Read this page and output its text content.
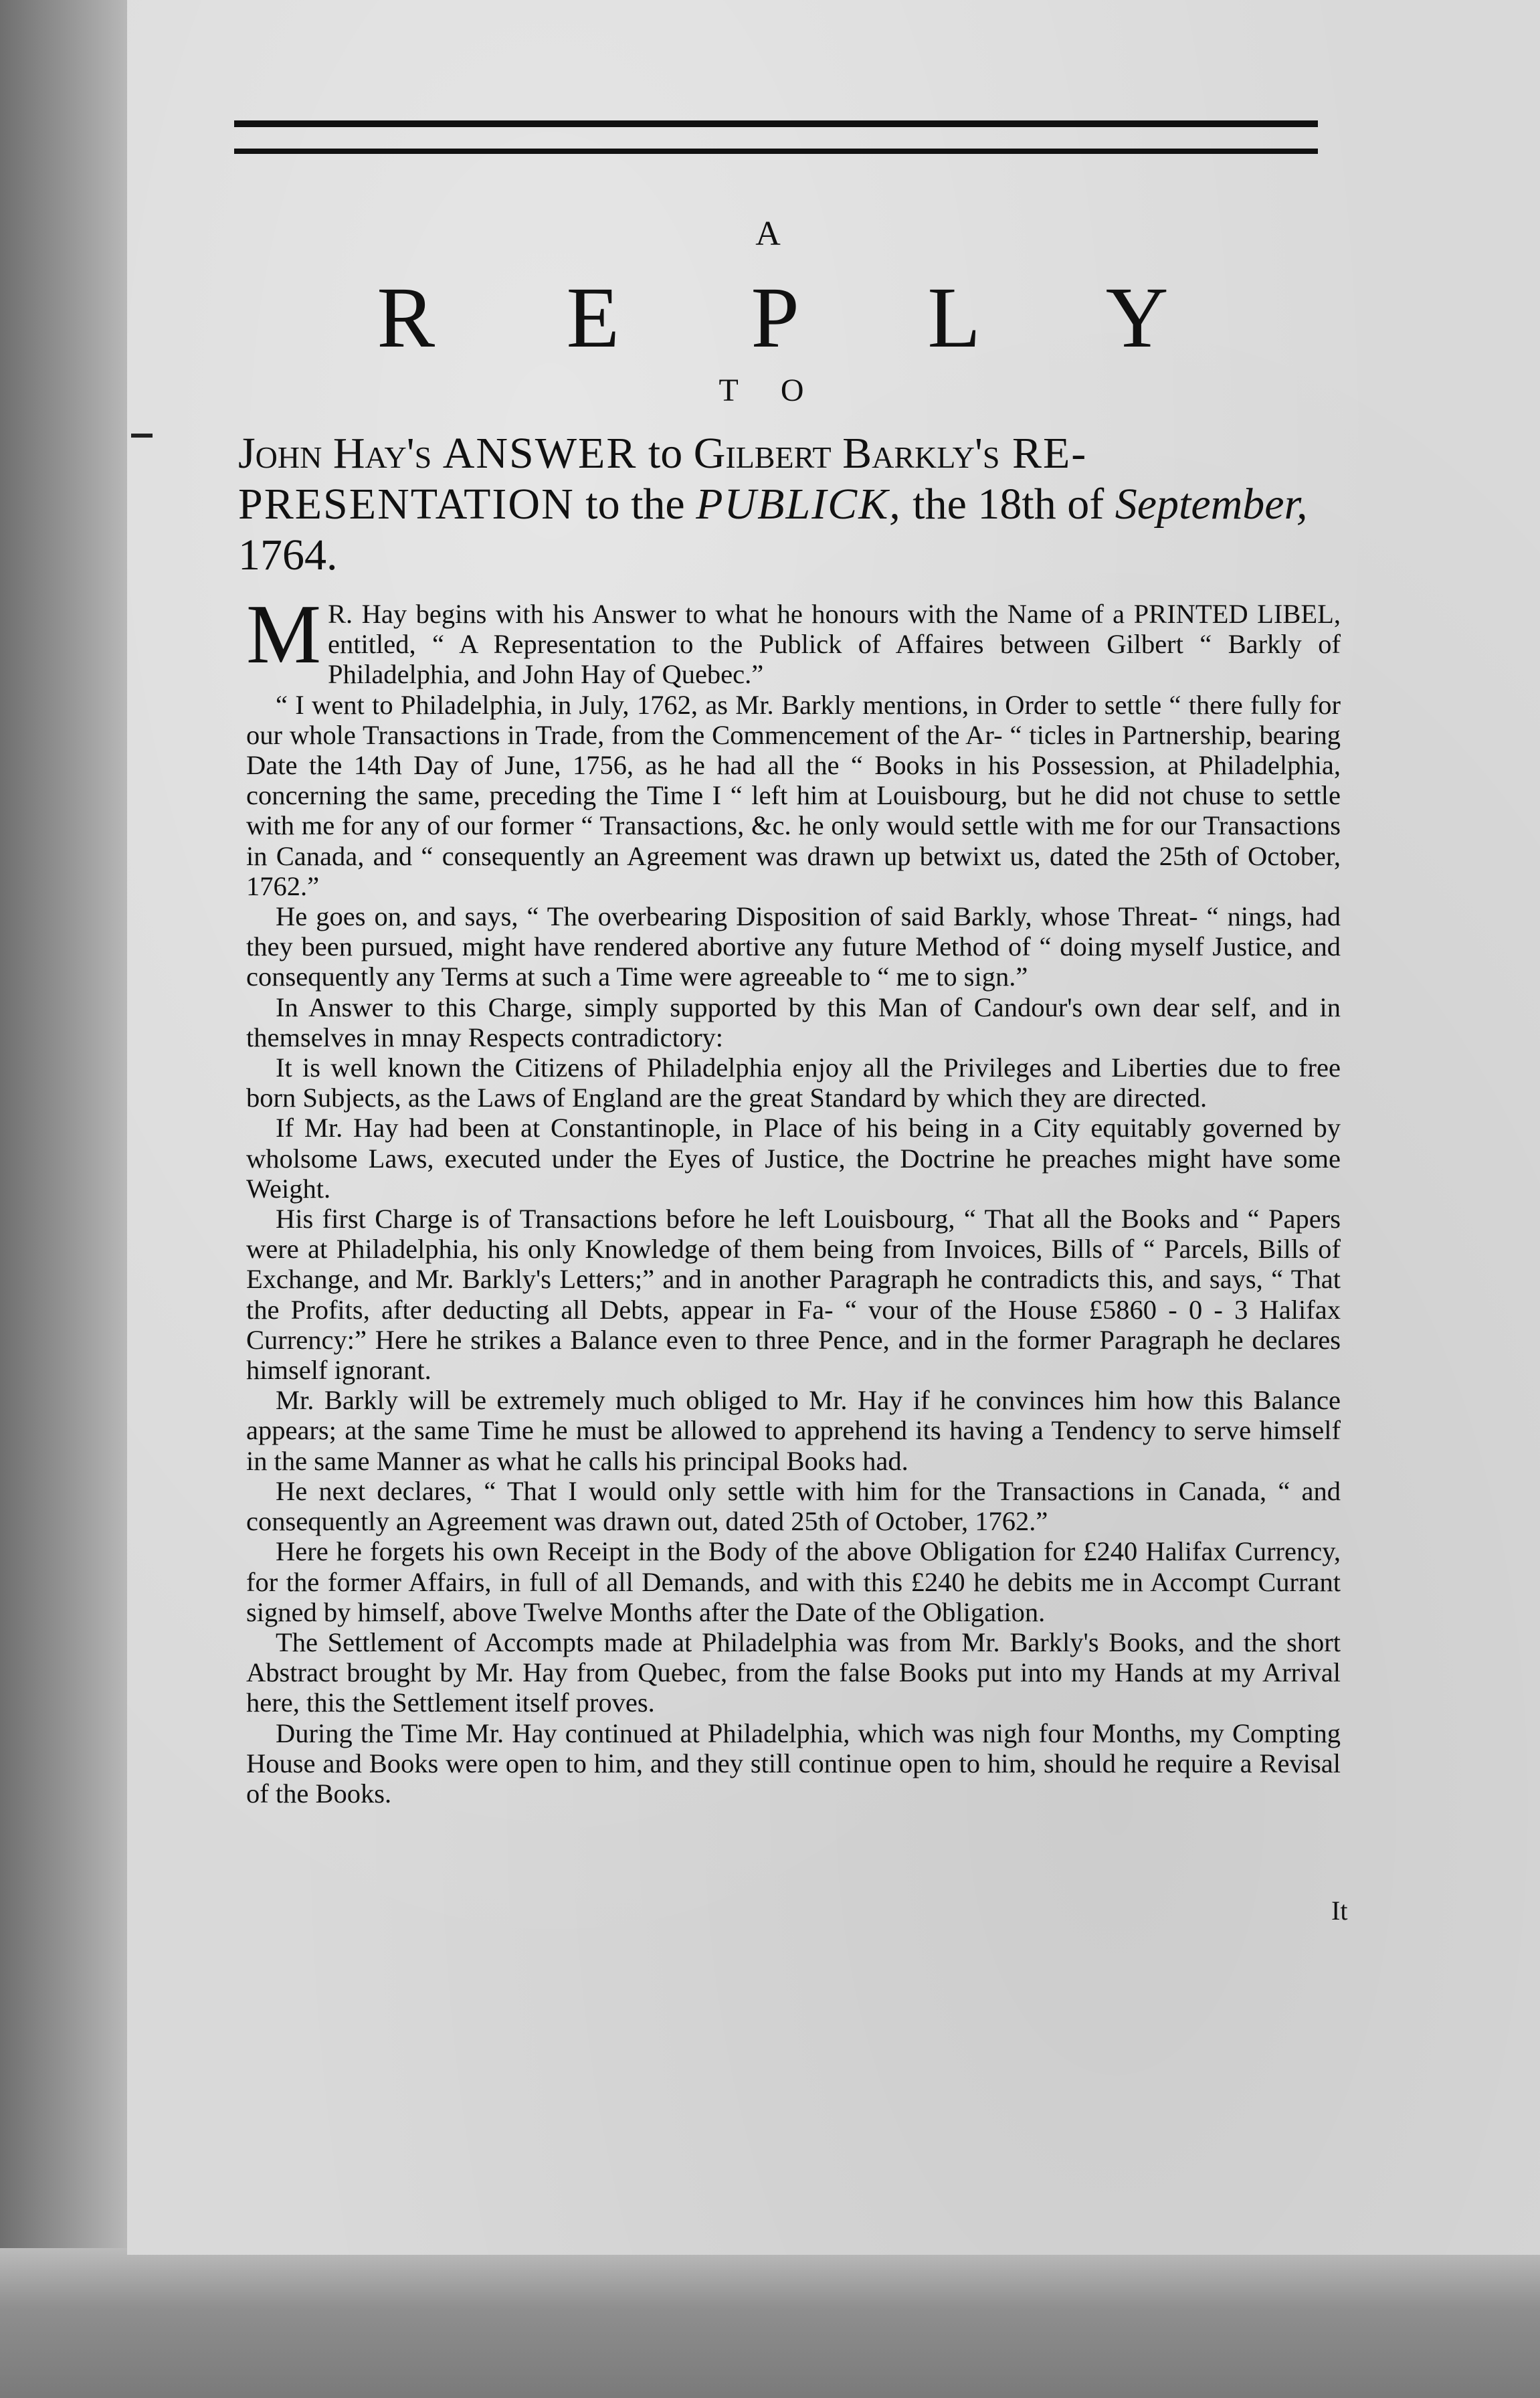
A
R E P L Y
T O
John Hay's ANSWER to Gilbert Barkly's RE-PRESENTATION to the PUBLICK, the 18th of September, 1764.

M R. Hay begins with his Answer to what he honours with the Name of a PRINTED LIBEL, entitled, “ A Representation to the Publick of Affaires between Gilbert “ Barkly of Philadelphia, and John Hay of Quebec.”

“ I went to Philadelphia, in July, 1762, as Mr. Barkly mentions, in Order to settle “ there fully for our whole Transactions in Trade, from the Commencement of the Ar- “ ticles in Partnership, bearing Date the 14th Day of June, 1756, as he had all the “ Books in his Possession, at Philadelphia, concerning the same, preceding the Time I “ left him at Louisbourg, but he did not chuse to settle with me for any of our former “ Transactions, &c. he only would settle with me for our Transactions in Canada, and “ consequently an Agreement was drawn up betwixt us, dated the 25th of October, 1762.”

He goes on, and says, “ The overbearing Disposition of said Barkly, whose Threat- “ nings, had they been pursued, might have rendered abortive any future Method of “ doing myself Justice, and consequently any Terms at such a Time were agreeable to “ me to sign.”

In Answer to this Charge, simply supported by this Man of Candour's own dear self, and in themselves in mnay Respects contradictory:

It is well known the Citizens of Philadelphia enjoy all the Privileges and Liberties due to free born Subjects, as the Laws of England are the great Standard by which they are directed.

If Mr. Hay had been at Constantinople, in Place of his being in a City equitably governed by wholsome Laws, executed under the Eyes of Justice, the Doctrine he preaches might have some Weight.

His first Charge is of Transactions before he left Louisbourg, “ That all the Books and “ Papers were at Philadelphia, his only Knowledge of them being from Invoices, Bills of “ Parcels, Bills of Exchange, and Mr. Barkly's Letters;” and in another Paragraph he contradicts this, and says, “ That the Profits, after deducting all Debts, appear in Fa- “ vour of the House £5860 - 0 - 3 Halifax Currency:” Here he strikes a Balance even to three Pence, and in the former Paragraph he declares himself ignorant.

Mr. Barkly will be extremely much obliged to Mr. Hay if he convinces him how this Balance appears; at the same Time he must be allowed to apprehend its having a Tendency to serve himself in the same Manner as what he calls his principal Books had.

He next declares, “ That I would only settle with him for the Transactions in Canada, “ and consequently an Agreement was drawn out, dated 25th of October, 1762.”

Here he forgets his own Receipt in the Body of the above Obligation for £240 Halifax Currency, for the former Affairs, in full of all Demands, and with this £240 he debits me in Accompt Currant signed by himself, above Twelve Months after the Date of the Obligation.

The Settlement of Accompts made at Philadelphia was from Mr. Barkly's Books, and the short Abstract brought by Mr. Hay from Quebec, from the false Books put into my Hands at my Arrival here, this the Settlement itself proves.

During the Time Mr. Hay continued at Philadelphia, which was nigh four Months, my Compting House and Books were open to him, and they still continue open to him, should he require a Revisal of the Books.

It
